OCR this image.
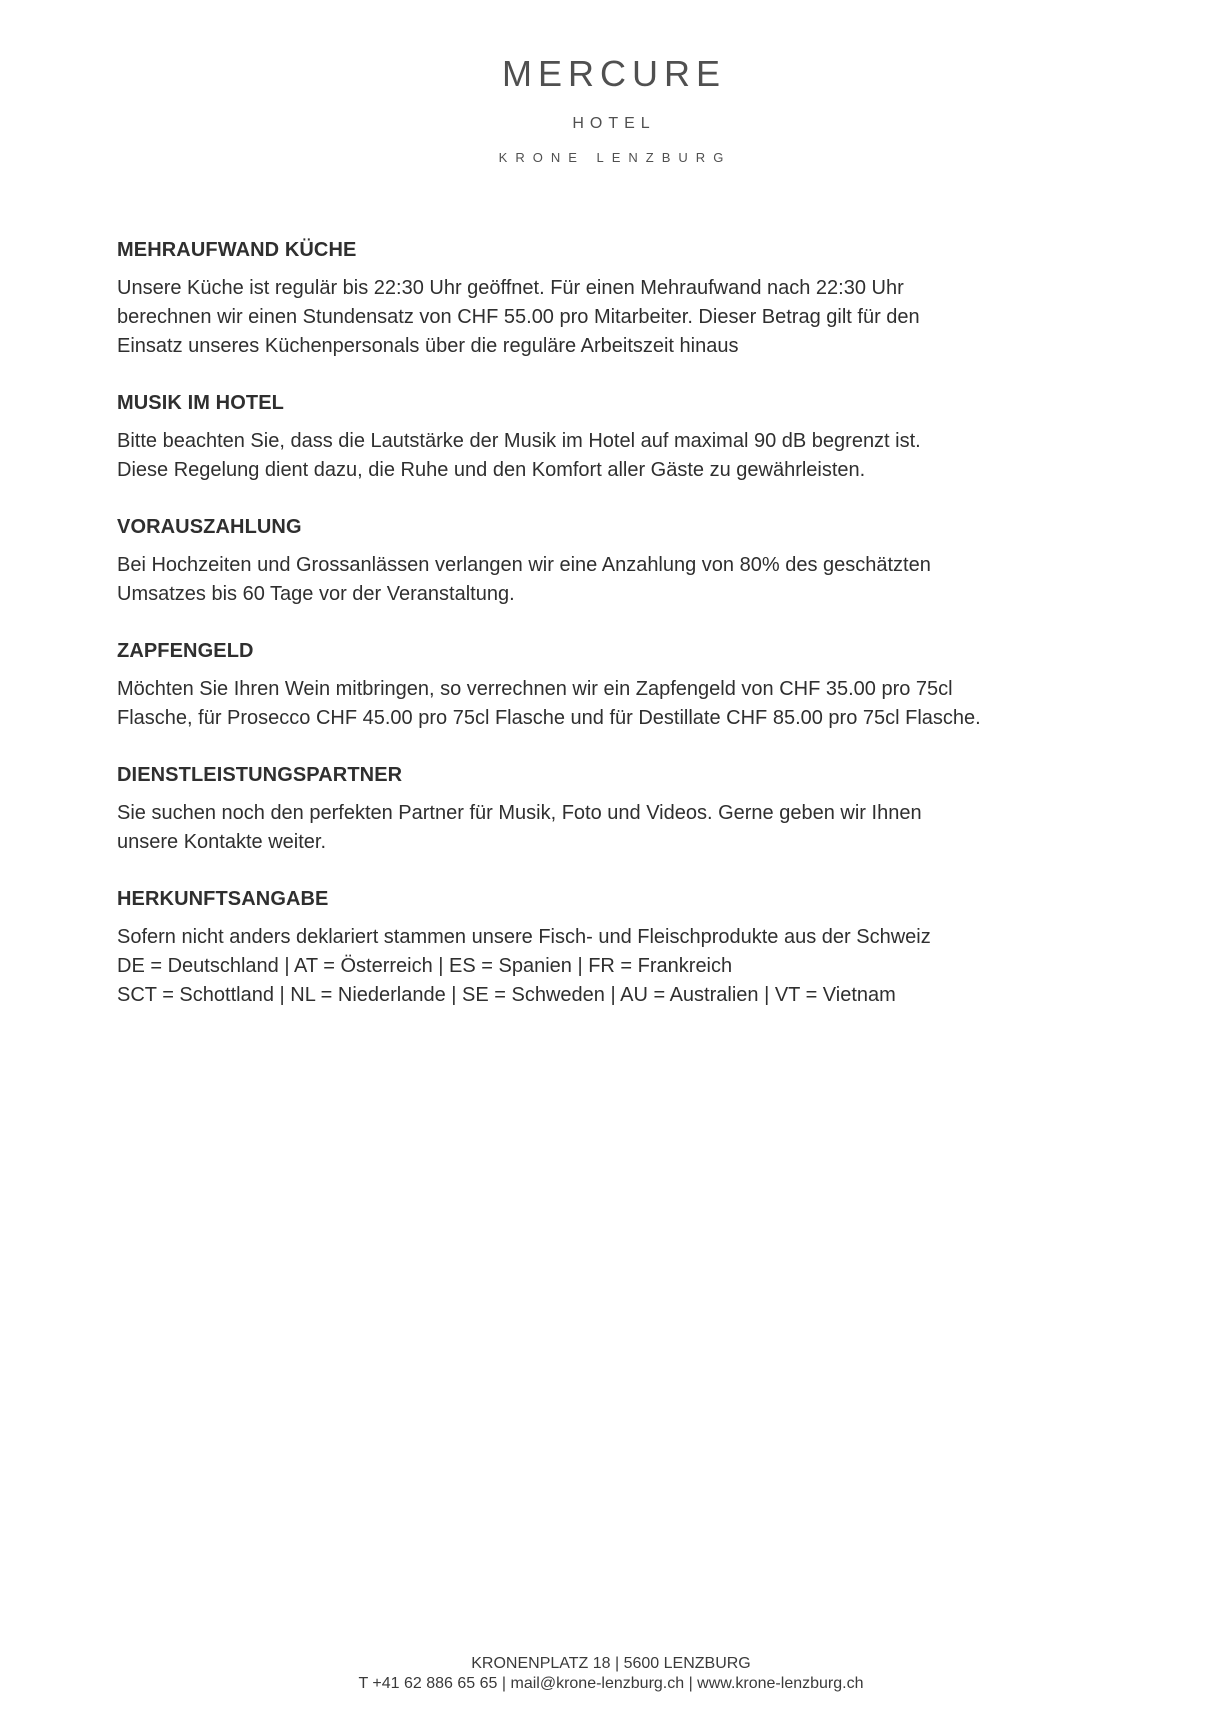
MERCURE
HOTEL
KRONE LENZBURG
MEHRAUFWAND KÜCHE

Unsere Küche ist regulär bis 22:30 Uhr geöffnet. Für einen Mehraufwand nach 22:30 Uhr

berechnen wir einen Stundensatz von CHF 55.00 pro Mitarbeiter. Dieser Betrag gilt für den

Einsatz unseres Küchenpersonals über die reguläre Arbeitszeit hinaus

MUSIK IM HOTEL

Bitte beachten Sie, dass die Lautstärke der Musik im Hotel auf maximal 90 dB begrenzt ist.

Diese Regelung dient dazu, die Ruhe und den Komfort aller Gäste zu gewährleisten.

VORAUSZAHLUNG

Bei Hochzeiten und Grossanlässen verlangen wir eine Anzahlung von 80% des geschätzten

Umsatzes bis 60 Tage vor der Veranstaltung.

ZAPFENGELD

Möchten Sie Ihren Wein mitbringen, so verrechnen wir ein Zapfengeld von CHF 35.00 pro 75cl

Flasche, für Prosecco CHF 45.00 pro 75cl Flasche und für Destillate CHF 85.00 pro 75cl Flasche.

DIENSTLEISTUNGSPARTNER

Sie suchen noch den perfekten Partner für Musik, Foto und Videos. Gerne geben wir Ihnen

unsere Kontakte weiter.

HERKUNFTSANGABE

Sofern nicht anders deklariert stammen unsere Fisch- und Fleischprodukte aus der Schweiz

DE = Deutschland | AT = Österreich | ES = Spanien | FR = Frankreich

SCT = Schottland | NL = Niederlande | SE = Schweden | AU = Australien | VT = Vietnam

KRONENPLATZ 18 | 5600 LENZBURG
T +41 62 886 65 65 | mail@krone-lenzburg.ch | www.krone-lenzburg.ch
